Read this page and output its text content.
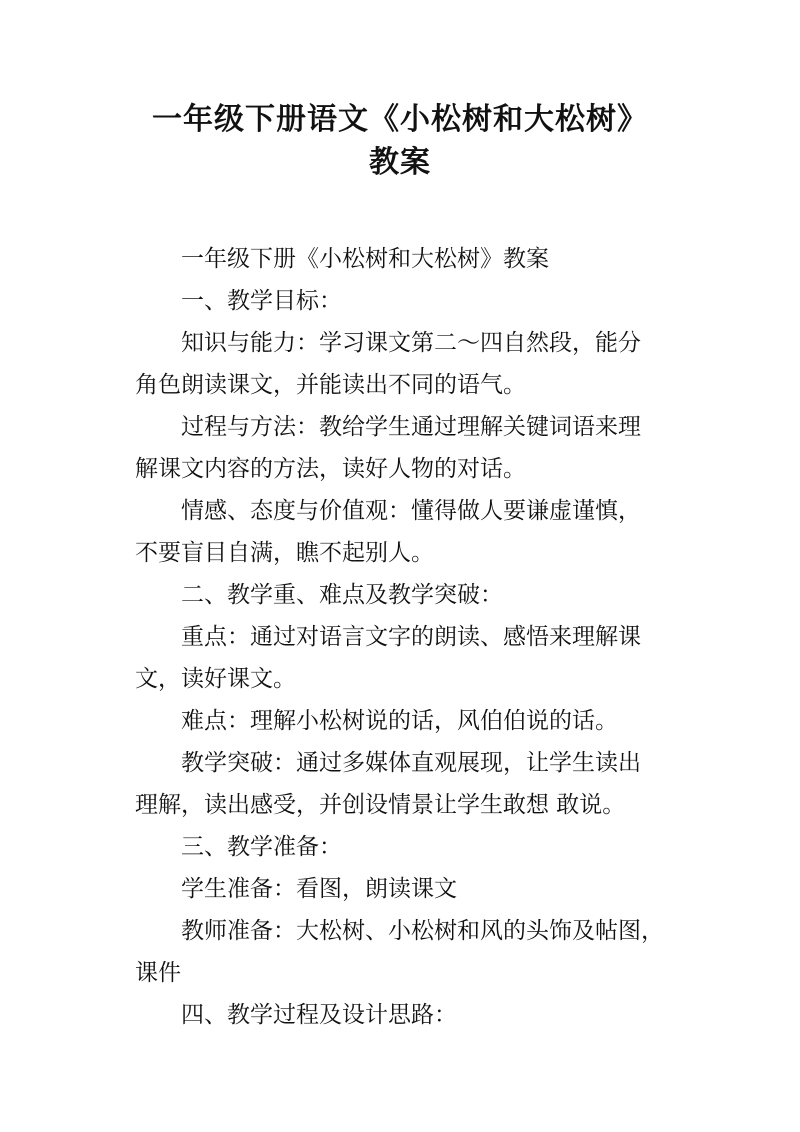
一年级下册语文《小松树和大松树》
教案

一年级下册《小松树和大松树》教案

一、教学目标：

知识与能力：学习课文第二～四自然段，能分

角色朗读课文，并能读出不同的语气。

过程与方法：教给学生通过理解关键词语来理

解课文内容的方法，读好人物的对话。

情感、态度与价值观：懂得做人要谦虚谨慎，

不要盲目自满，瞧不起别人。

二、教学重、难点及教学突破：

重点：通过对语言文字的朗读、感悟来理解课

文，读好课文。

难点：理解小松树说的话，风伯伯说的话。

教学突破：通过多媒体直观展现，让学生读出

理解，读出感受，并创设情景让学生敢想 敢说。

三、教学准备：

学生准备：看图，朗读课文

教师准备：大松树、小松树和风的头饰及帖图，

课件

四、教学过程及设计思路：
